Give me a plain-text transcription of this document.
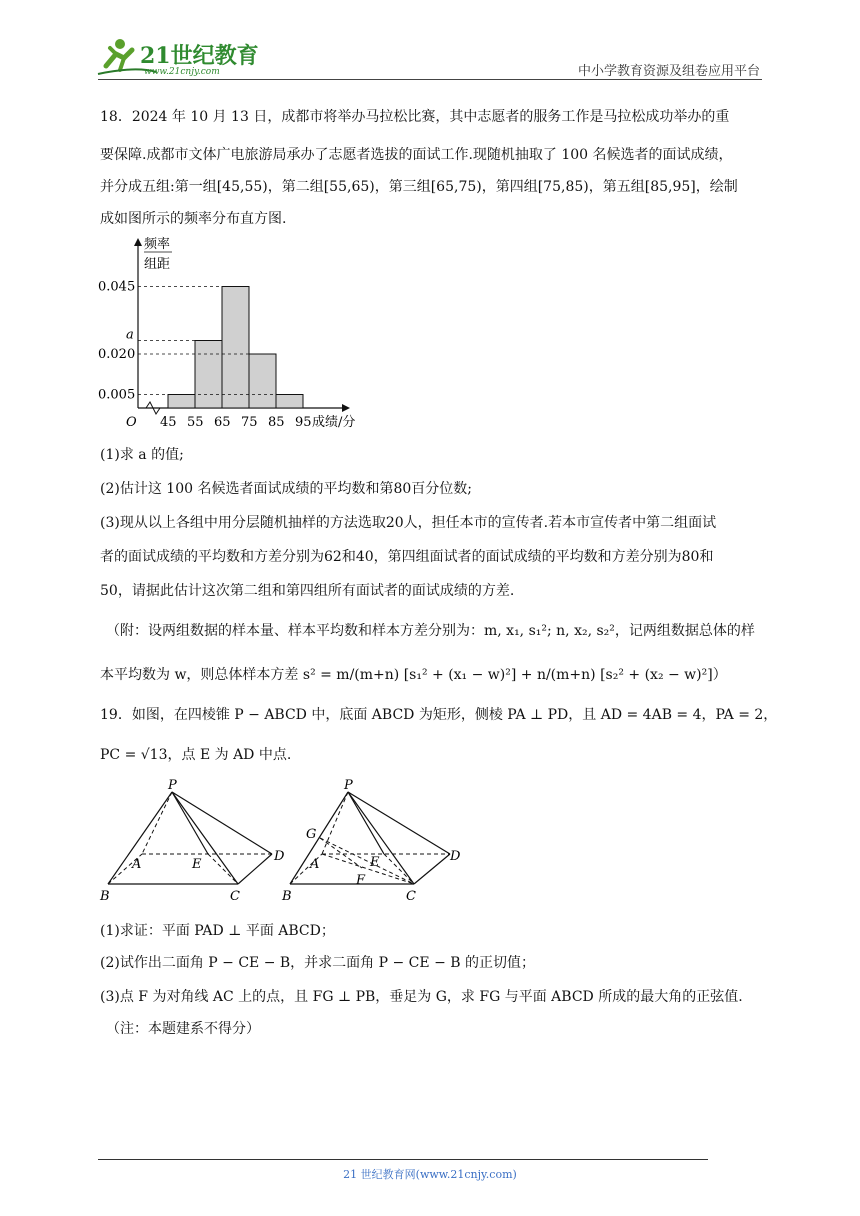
21世纪教育
www.21cnjy.com	中小学教育资源及组卷应用平台
18．2024 年 10 月 13 日，成都市将举办马拉松比赛，其中志愿者的服务工作是马拉松成功举办的重
要保障.成都市文体广电旅游局承办了志愿者选拔的面试工作.现随机抽取了 100 名候选者的面试成绩，
并分成五组:第一组[45,55)，第二组[55,65)，第三组[65,75)，第四组[75,85)，第五组[85,95]，绘制
成如图所示的频率分布直方图.
频率
组距
O	成绩/分
0.045
a
0.020
0.005
45 55 65 75 85 95
(1)求 a 的值;
(2)估计这 100 名候选者面试成绩的平均数和第80百分位数;
(3)现从以上各组中用分层随机抽样的方法选取20人，担任本市的宣传者.若本市宣传者中第二组面试
者的面试成绩的平均数和方差分别为62和40，第四组面试者的面试成绩的平均数和方差分别为80和
50，请据此估计这次第二组和第四组所有面试者的面试成绩的方差.
（附：设两组数据的样本量、样本平均数和样本方差分别为：m, x₁, s₁²; n, x₂, s₂²，记两组数据总体的样
本平均数为 w，则总体样本方差 s² = m/(m+n) [s₁² + (x₁ − w)²] + n/(m+n) [s₂² + (x₂ − w)²]）
19．如图，在四棱锥 P − ABCD 中，底面 ABCD 为矩形，侧棱 PA ⊥ PD，且 AD = 4AB = 4，PA = 2，
PC = √13，点 E 为 AD 中点.
P
A	E
D
B	C
P
G
A	E	D
F
B	C
(1)求证：平面 PAD ⊥ 平面 ABCD；
(2)试作出二面角 P − CE − B，并求二面角 P − CE − B 的正切值；
(3)点 F 为对角线 AC 上的点，且 FG ⊥ PB，垂足为 G，求 FG 与平面 ABCD 所成的最大角的正弦值.
（注：本题建系不得分）
21 世纪教育网(www.21cnjy.com)
